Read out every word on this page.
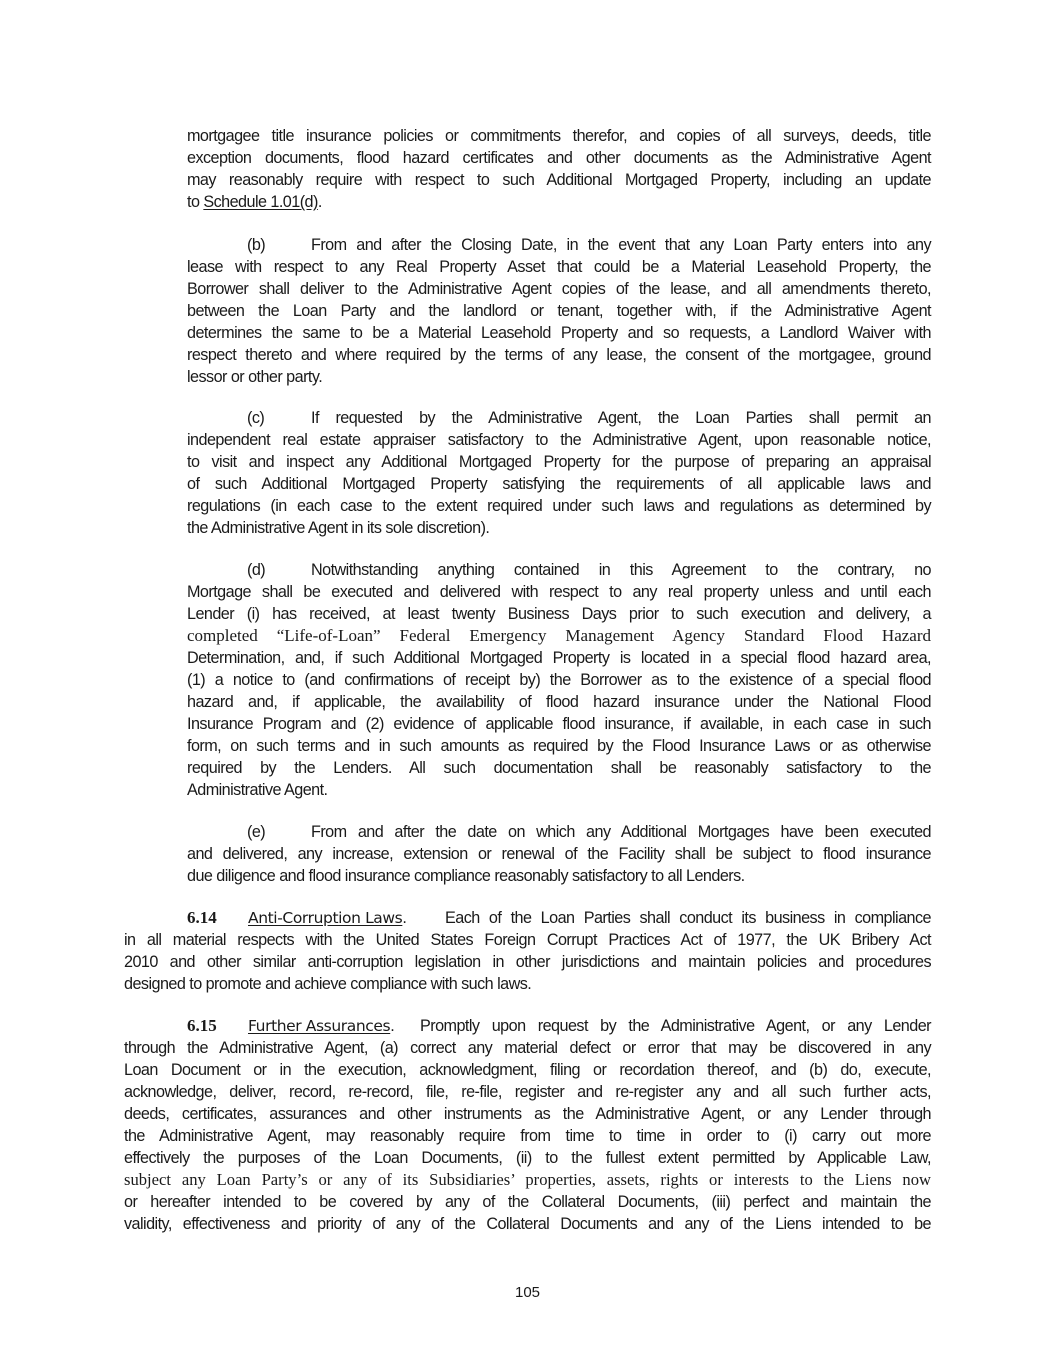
mortgagee title insurance policies or commitments therefor, and copies of all surveys, deeds, title
exception documents, flood hazard certificates and other documents as the Administrative Agent
may reasonably require with respect to such Additional Mortgaged Property, including an update
to Schedule 1.01(d).
(b)	From and after the Closing Date, in the event that any Loan Party enters into any
lease with respect to any Real Property Asset that could be a Material Leasehold Property, the
Borrower shall deliver to the Administrative Agent copies of the lease, and all amendments thereto,
between the Loan Party and the landlord or tenant, together with, if the Administrative Agent
determines the same to be a Material Leasehold Property and so requests, a Landlord Waiver with
respect thereto and where required by the terms of any lease, the consent of the mortgagee, ground
lessor or other party.
(c)	If requested by the Administrative Agent, the Loan Parties shall permit an
independent real estate appraiser satisfactory to the Administrative Agent, upon reasonable notice,
to visit and inspect any Additional Mortgaged Property for the purpose of preparing an appraisal
of such Additional Mortgaged Property satisfying the requirements of all applicable laws and
regulations (in each case to the extent required under such laws and regulations as determined by
the Administrative Agent in its sole discretion).
(d)	Notwithstanding anything contained in this Agreement to the contrary, no
Mortgage shall be executed and delivered with respect to any real property unless and until each
Lender (i) has received, at least twenty Business Days prior to such execution and delivery, a
completed “Life-of-Loan” Federal Emergency Management Agency Standard Flood Hazard
Determination, and, if such Additional Mortgaged Property is located in a special flood hazard area,
(1) a notice to (and confirmations of receipt by) the Borrower as to the existence of a special flood
hazard and, if applicable, the availability of flood hazard insurance under the National Flood
Insurance Program and (2) evidence of applicable flood insurance, if available, in each case in such
form, on such terms and in such amounts as required by the Flood Insurance Laws or as otherwise
required by the Lenders. All such documentation shall be reasonably satisfactory to the
Administrative Agent.
(e)	From and after the date on which any Additional Mortgages have been executed
and delivered, any increase, extension or renewal of the Facility shall be subject to flood insurance
due diligence and flood insurance compliance reasonably satisfactory to all Lenders.
6.14 Anti-Corruption Laws. Each of the Loan Parties shall conduct its business in compliance
in all material respects with the United States Foreign Corrupt Practices Act of 1977, the UK Bribery Act
2010 and other similar anti-corruption legislation in other jurisdictions and maintain policies and procedures
designed to promote and achieve compliance with such laws.
6.15 Further Assurances. Promptly upon request by the Administrative Agent, or any Lender
through the Administrative Agent, (a) correct any material defect or error that may be discovered in any
Loan Document or in the execution, acknowledgment, filing or recordation thereof, and (b) do, execute,
acknowledge, deliver, record, re-record, file, re-file, register and re-register any and all such further acts,
deeds, certificates, assurances and other instruments as the Administrative Agent, or any Lender through
the Administrative Agent, may reasonably require from time to time in order to (i) carry out more
effectively the purposes of the Loan Documents, (ii) to the fullest extent permitted by Applicable Law,
subject any Loan Party’s or any of its Subsidiaries’ properties, assets, rights or interests to the Liens now
or hereafter intended to be covered by any of the Collateral Documents, (iii) perfect and maintain the
validity, effectiveness and priority of any of the Collateral Documents and any of the Liens intended to be
105
